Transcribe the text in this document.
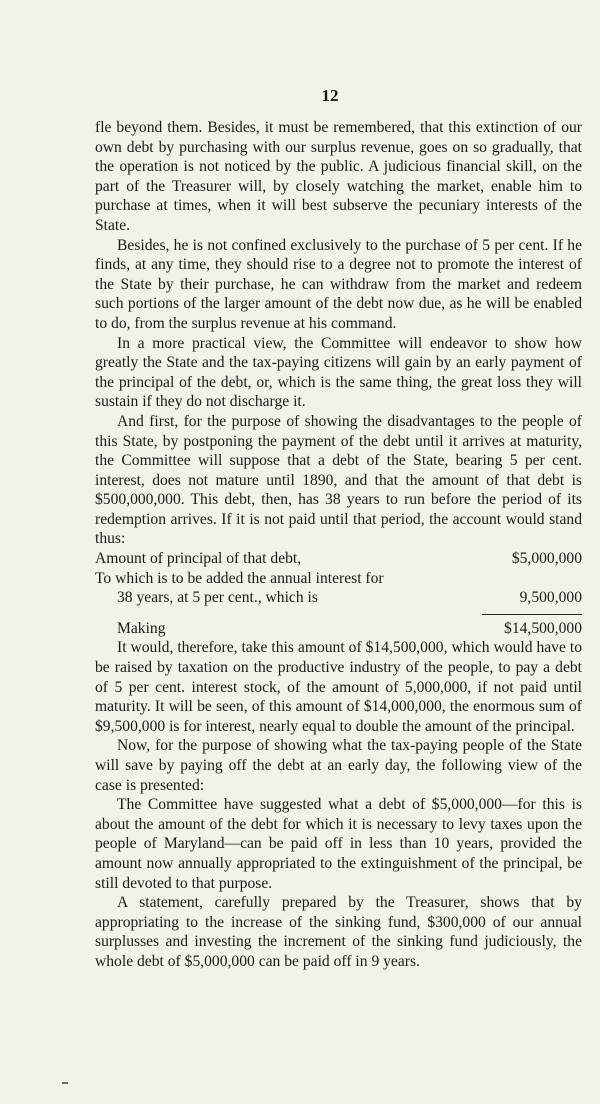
12

fle beyond them. Besides, it must be remembered, that this extinction of our own debt by purchasing with our surplus revenue, goes on so gradually, that the operation is not noticed by the public. A judicious financial skill, on the part of the Treasurer will, by closely watching the market, enable him to purchase at times, when it will best subserve the pecuniary interests of the State.

Besides, he is not confined exclusively to the purchase of 5 per cent. If he finds, at any time, they should rise to a degree not to promote the interest of the State by their purchase, he can withdraw from the market and redeem such portions of the larger amount of the debt now due, as he will be enabled to do, from the surplus revenue at his command.

In a more practical view, the Committee will endeavor to show how greatly the State and the tax-paying citizens will gain by an early payment of the principal of the debt, or, which is the same thing, the great loss they will sustain if they do not discharge it.

And first, for the purpose of showing the disadvantages to the people of this State, by postponing the payment of the debt until it arrives at maturity, the Committee will suppose that a debt of the State, bearing 5 per cent. interest, does not mature until 1890, and that the amount of that debt is $500,000,000. This debt, then, has 38 years to run before the period of its redemption arrives. If it is not paid until that period, the account would stand thus:

Amount of principal of that debt,	$5,000,000
To which is to be added the annual interest for
38 years, at 5 per cent., which is	9,500,000
Making	$14,500,000

It would, therefore, take this amount of $14,500,000, which would have to be raised by taxation on the productive industry of the people, to pay a debt of 5 per cent. interest stock, of the amount of 5,000,000, if not paid until maturity. It will be seen, of this amount of $14,000,000, the enormous sum of $9,500,000 is for interest, nearly equal to double the amount of the principal.

Now, for the purpose of showing what the tax-paying people of the State will save by paying off the debt at an early day, the following view of the case is presented:

The Committee have suggested what a debt of $5,000,000—for this is about the amount of the debt for which it is necessary to levy taxes upon the people of Maryland—can be paid off in less than 10 years, provided the amount now annually appropriated to the extinguishment of the principal, be still devoted to that purpose.

A statement, carefully prepared by the Treasurer, shows that by appropriating to the increase of the sinking fund, $300,000 of our annual surplusses and investing the increment of the sinking fund judiciously, the whole debt of $5,000,000 can be paid off in 9 years.
